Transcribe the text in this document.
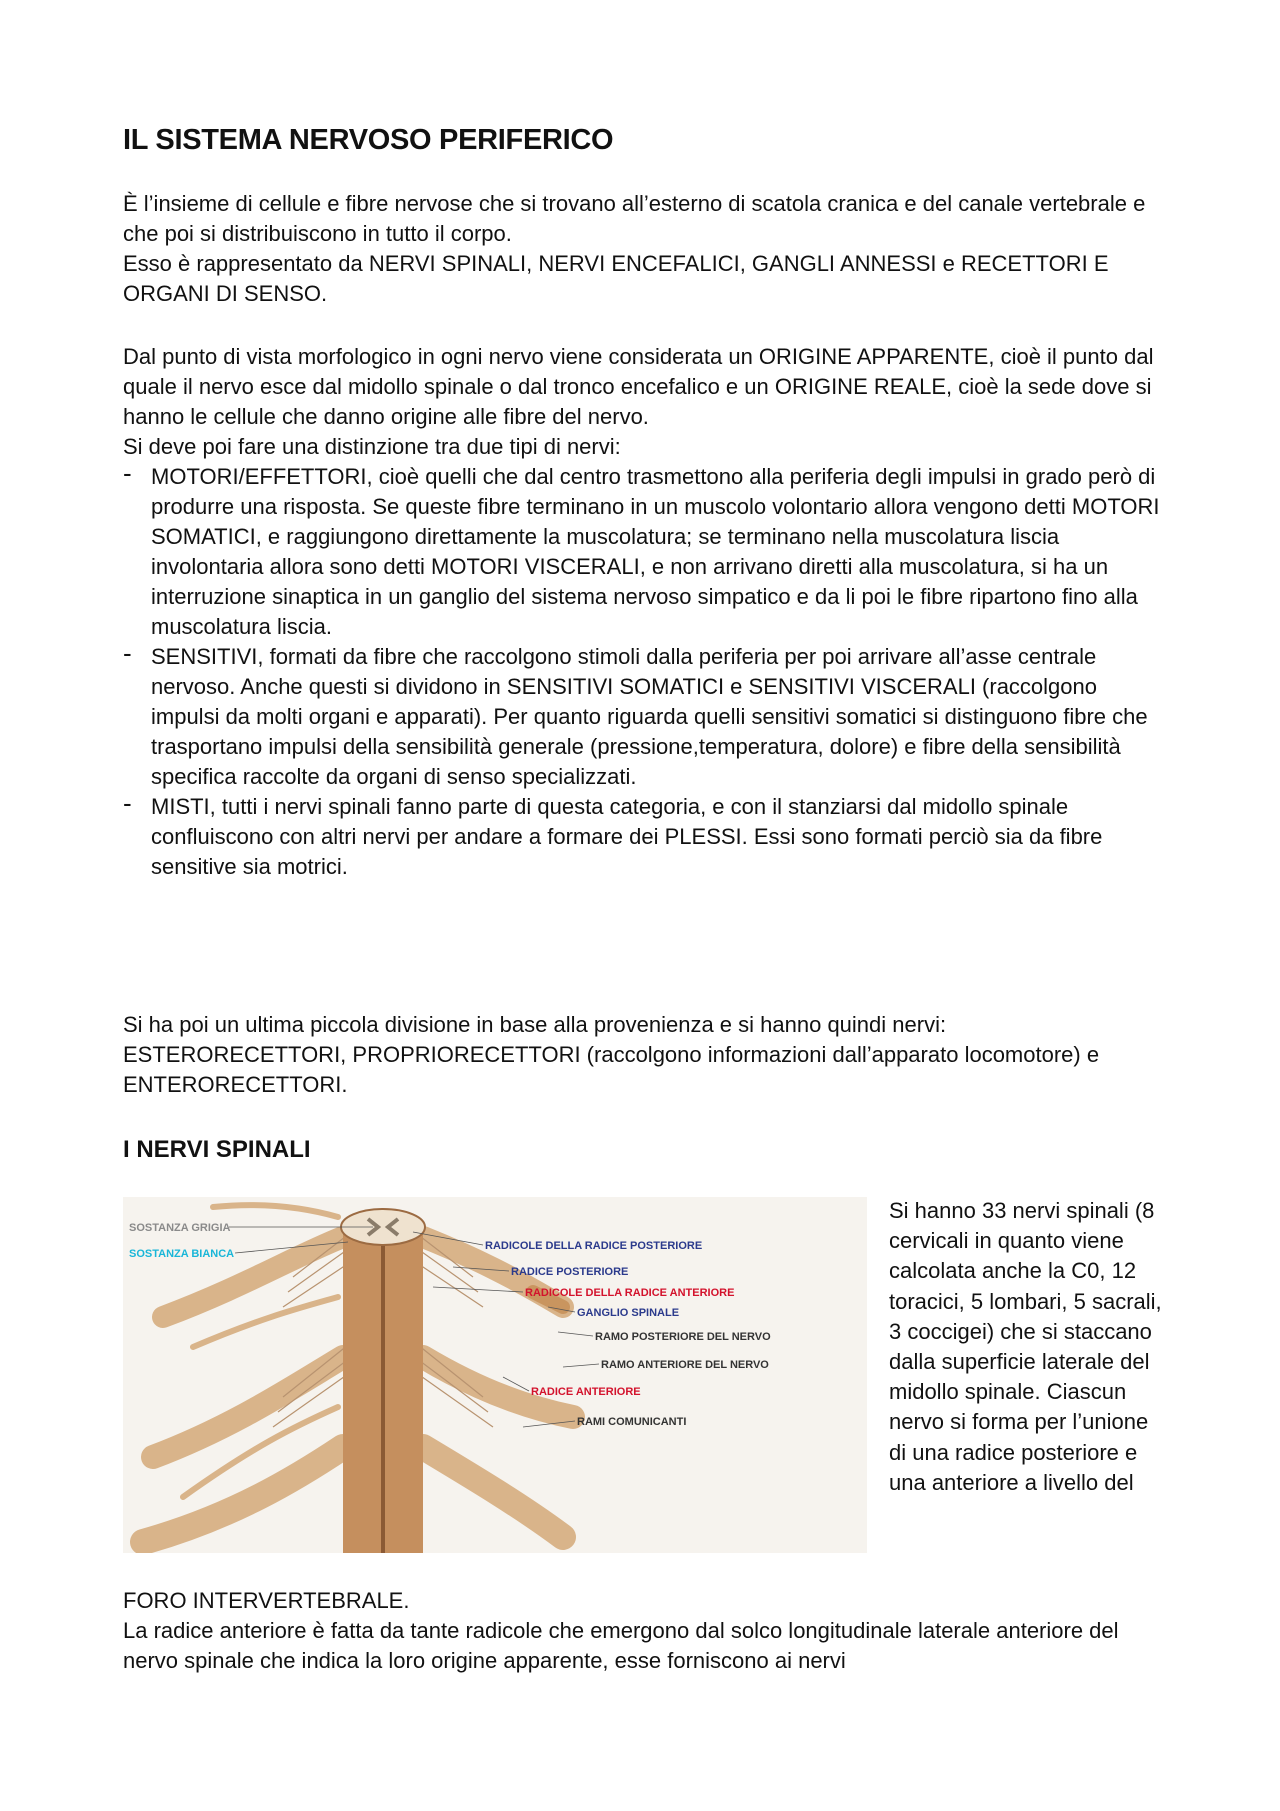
IL SISTEMA NERVOSO PERIFERICO

È l’insieme di cellule e fibre nervose che si trovano all’esterno di scatola cranica e del canale vertebrale e che poi si distribuiscono in tutto il corpo.

Esso è rappresentato da NERVI SPINALI, NERVI ENCEFALICI, GANGLI ANNESSI e RECETTORI E ORGANI DI SENSO.

Dal punto di vista morfologico in ogni nervo viene considerata un ORIGINE APPARENTE, cioè il punto dal quale il nervo esce dal midollo spinale o dal tronco encefalico e un ORIGINE REALE, cioè la sede dove si hanno le cellule che danno origine alle fibre del nervo.

Si deve poi fare una distinzione tra due tipi di nervi:

- MOTORI/EFFETTORI, cioè quelli che dal centro trasmettono alla periferia degli impulsi in grado però di produrre una risposta. Se queste fibre terminano in un muscolo volontario allora vengono detti MOTORI SOMATICI, e raggiungono direttamente la muscolatura; se terminano nella muscolatura liscia involontaria allora sono detti MOTORI VISCERALI, e non arrivano diretti alla muscolatura, si ha un interruzione sinaptica in un ganglio del sistema nervoso simpatico e da li poi le fibre ripartono fino alla muscolatura liscia.
- SENSITIVI, formati da fibre che raccolgono stimoli dalla periferia per poi arrivare all’asse centrale nervoso. Anche questi si dividono in SENSITIVI SOMATICI e SENSITIVI VISCERALI (raccolgono impulsi da molti organi e apparati). Per quanto riguarda quelli sensitivi somatici si distinguono fibre che trasportano impulsi della sensibilità generale (pressione,temperatura, dolore) e fibre della sensibilità specifica raccolte da organi di senso specializzati.
- MISTI, tutti i nervi spinali fanno parte di questa categoria, e con il stanziarsi dal midollo spinale confluiscono con altri nervi per andare a formare dei PLESSI. Essi sono formati perciò sia da fibre sensitive sia motrici.

Si ha poi un ultima piccola divisione in base alla provenienza e si hanno quindi nervi: ESTERORECETTORI, PROPRIORECETTORI (raccolgono informazioni dall’apparato locomotore) e ENTERORECETTORI.

I NERVI SPINALI
SOSTANZA GRIGIA
SOSTANZA BIANCA
RADICOLE DELLA RADICE POSTERIORE
RADICE POSTERIORE
RADICOLE DELLA RADICE ANTERIORE
GANGLIO SPINALE
RAMO POSTERIORE DEL NERVO
RAMO ANTERIORE DEL NERVO
RADICE ANTERIORE
RAMI COMUNICANTI

Si hanno 33 nervi spinali (8 cervicali in quanto viene calcolata anche la C0, 12 toracici, 5 lombari, 5 sacrali, 3 coccigei) che si staccano dalla superficie laterale del midollo spinale. Ciascun nervo si forma per l’unione di una radice posteriore e una anteriore a livello del

FORO INTERVERTEBRALE.

La radice anteriore è fatta da tante radicole che emergono dal solco longitudinale laterale anteriore del nervo spinale che indica la loro origine apparente, esse forniscono ai nervi
